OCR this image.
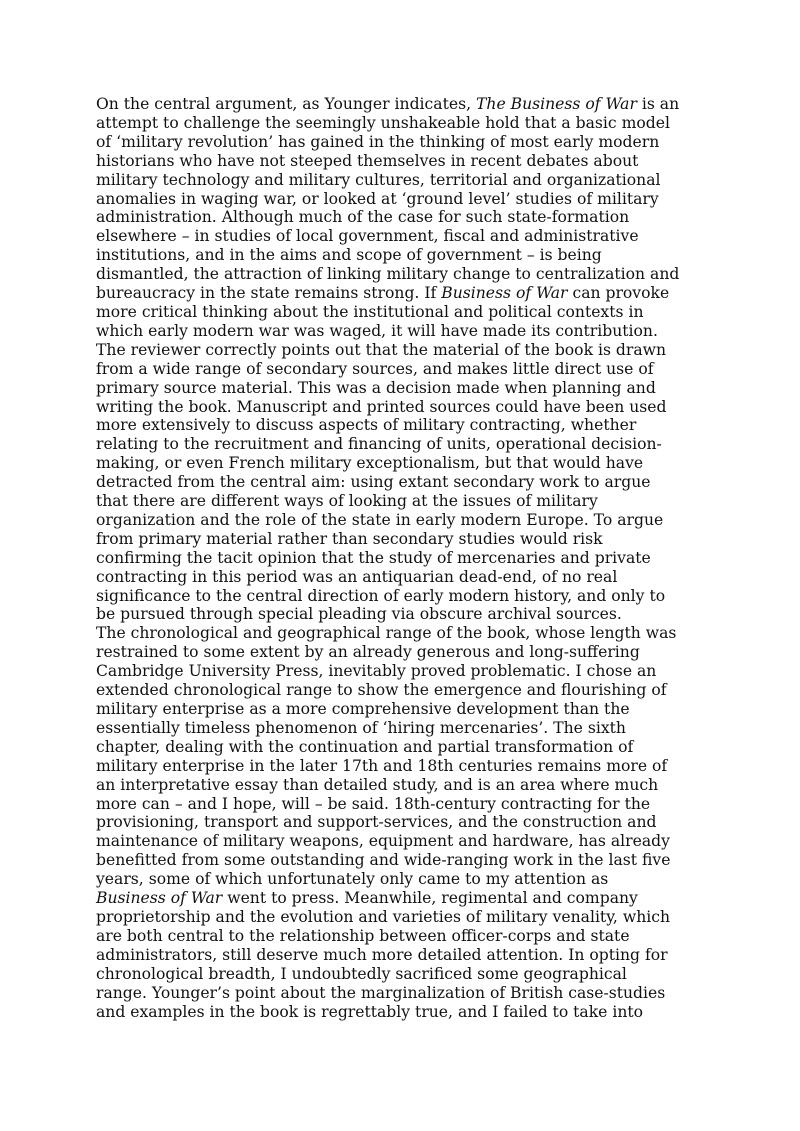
On the central argument, as Younger indicates, The Business of War is an
attempt to challenge the seemingly unshakeable hold that a basic model
of ‘military revolution’ has gained in the thinking of most early modern
historians who have not steeped themselves in recent debates about
military technology and military cultures, territorial and organizational
anomalies in waging war, or looked at ‘ground level’ studies of military
administration. Although much of the case for such state-formation
elsewhere – in studies of local government, fiscal and administrative
institutions, and in the aims and scope of government – is being
dismantled, the attraction of linking military change to centralization and
bureaucracy in the state remains strong. If Business of War can provoke
more critical thinking about the institutional and political contexts in
which early modern war was waged, it will have made its contribution.
The reviewer correctly points out that the material of the book is drawn
from a wide range of secondary sources, and makes little direct use of
primary source material. This was a decision made when planning and
writing the book. Manuscript and printed sources could have been used
more extensively to discuss aspects of military contracting, whether
relating to the recruitment and financing of units, operational decision-
making, or even French military exceptionalism, but that would have
detracted from the central aim: using extant secondary work to argue
that there are different ways of looking at the issues of military
organization and the role of the state in early modern Europe. To argue
from primary material rather than secondary studies would risk
confirming the tacit opinion that the study of mercenaries and private
contracting in this period was an antiquarian dead-end, of no real
significance to the central direction of early modern history, and only to
be pursued through special pleading via obscure archival sources.
The chronological and geographical range of the book, whose length was
restrained to some extent by an already generous and long-suffering
Cambridge University Press, inevitably proved problematic. I chose an
extended chronological range to show the emergence and flourishing of
military enterprise as a more comprehensive development than the
essentially timeless phenomenon of ‘hiring mercenaries’. The sixth
chapter, dealing with the continuation and partial transformation of
military enterprise in the later 17th and 18th centuries remains more of
an interpretative essay than detailed study, and is an area where much
more can – and I hope, will – be said. 18th-century contracting for the
provisioning, transport and support-services, and the construction and
maintenance of military weapons, equipment and hardware, has already
benefitted from some outstanding and wide-ranging work in the last five
years, some of which unfortunately only came to my attention as
Business of War went to press. Meanwhile, regimental and company
proprietorship and the evolution and varieties of military venality, which
are both central to the relationship between officer-corps and state
administrators, still deserve much more detailed attention. In opting for
chronological breadth, I undoubtedly sacrificed some geographical
range. Younger’s point about the marginalization of British case-studies
and examples in the book is regrettably true, and I failed to take into
